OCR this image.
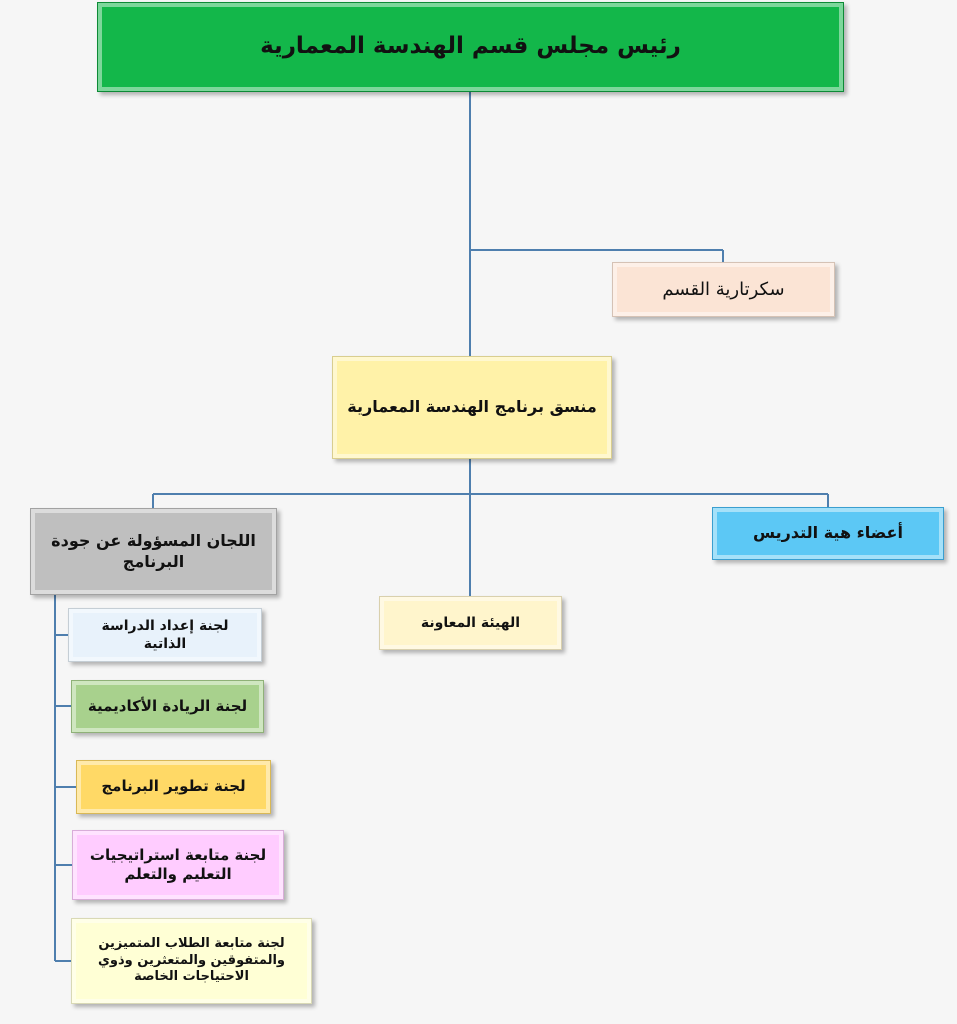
رئيس مجلس قسم الهندسة المعمارية
سكرتارية القسم
منسق برنامج الهندسة المعمارية
اللجان المسؤولة عن جودة
البرنامج
الهيئة المعاونة
أعضاء هية التدريس
لجنة إعداد الدراسة
الذاتية
لجنة الريادة الأكاديمية
لجنة تطوير البرنامج
لجنة متابعة استراتيجيات
التعليم والتعلم
لجنة متابعة الطلاب المتميزين
والمتفوقين والمتعثرين وذوي
الاحتياجات الخاصة
